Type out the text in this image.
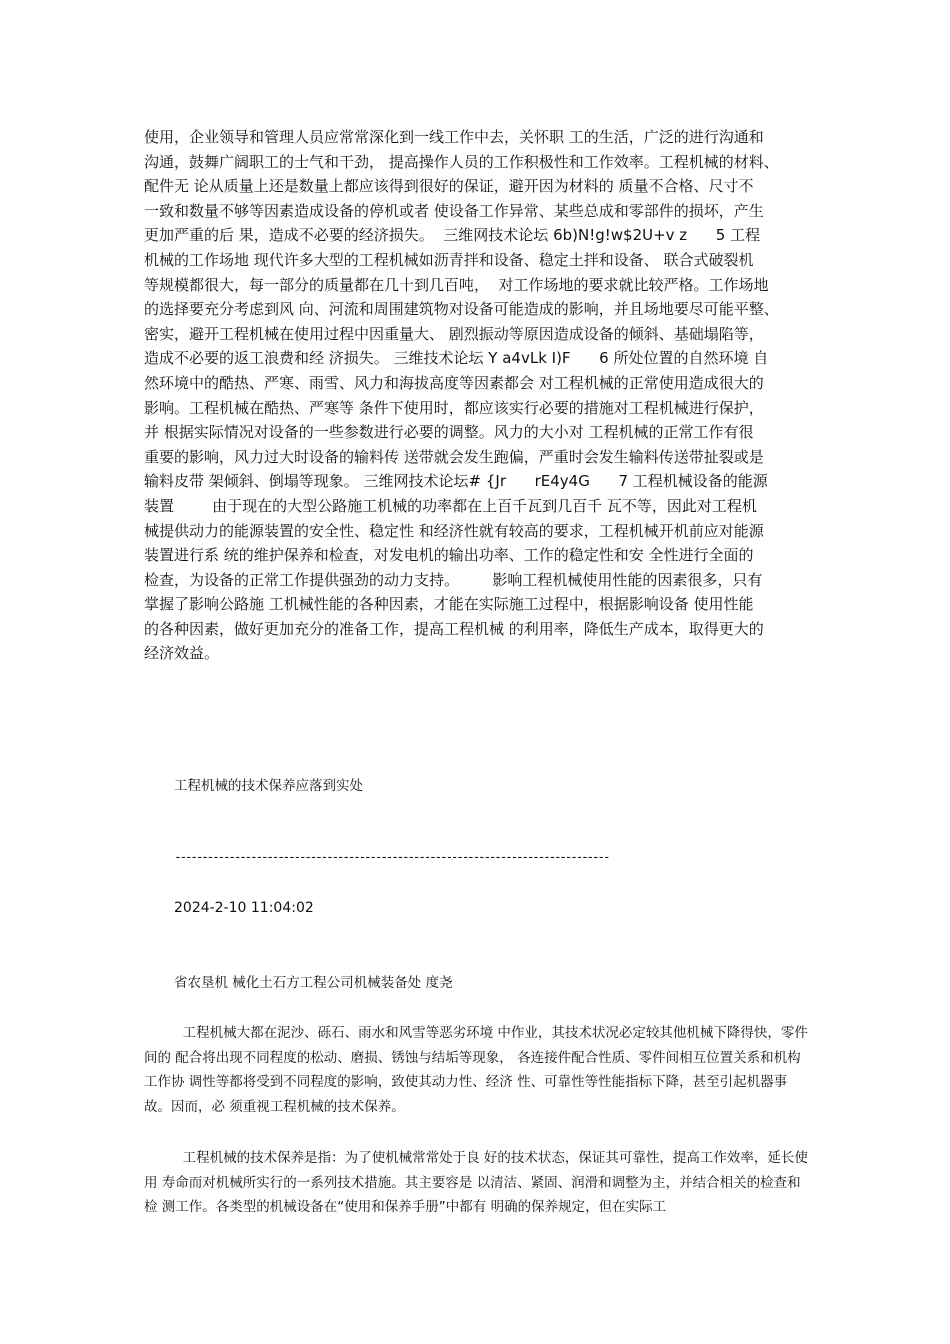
使用，企业领导和管理人员应常常深化到一线工作中去，关怀职 工的生活，广泛的进行沟通和

沟通，鼓舞广阔职工的士气和干劲， 提高操作人员的工作积极性和工作效率。工程机械的材料、

配件无 论从质量上还是数量上都应该得到很好的保证，避开因为材料的 质量不合格、尺寸不

一致和数量不够等因素造成设备的停机或者 使设备工作异常、某些总成和零部件的损坏，产生

更加严重的后 果，造成不必要的经济损失。  三维网技术论坛 6b)N!g!w$2U+v z      5 工程

机械的工作场地 现代许多大型的工程机械如沥青拌和设备、稳定土拌和设备、 联合式破裂机

等规模都很大，每一部分的质量都在几十到几百吨，  对工作场地的要求就比较严格。工作场地

的选择要充分考虑到风 向、河流和周围建筑物对设备可能造成的影响，并且场地要尽可能平整、

密实，避开工程机械在使用过程中因重量大、 剧烈振动等原因造成设备的倾斜、基础塌陷等，

造成不必要的返工浪费和经 济损失。 三维技术论坛 Y a4vLk I)F      6 所处位置的自然环境 自

然环境中的酷热、严寒、雨雪、风力和海拔高度等因素都会 对工程机械的正常使用造成很大的

影响。工程机械在酷热、严寒等 条件下使用时，都应该实行必要的措施对工程机械进行保护，

并 根据实际情况对设备的一些参数进行必要的调整。风力的大小对 工程机械的正常工作有很

重要的影响，风力过大时设备的输料传 送带就会发生跑偏，严重时会发生输料传送带扯裂或是

输料皮带 架倾斜、倒塌等现象。 三维网技术论坛# {Jr      rE4y4G      7 工程机械设备的能源

装置        由于现在的大型公路施工机械的功率都在上百千瓦到几百千 瓦不等，因此对工程机

械提供动力的能源装置的安全性、稳定性 和经济性就有较高的要求，工程机械开机前应对能源

装置进行系 统的维护保养和检查，对发电机的输出功率、工作的稳定性和安 全性进行全面的

检查，为设备的正常工作提供强劲的动力支持。       影响工程机械使用性能的因素很多，只有

掌握了影响公路施 工机械性能的各种因素，才能在实际施工过程中，根据影响设备 使用性能

的各种因素，做好更加充分的准备工作，提高工程机械 的利用率，降低生产成本，取得更大的

经济效益。

工程机械的技术保养应落到实处
--------------------------------------------------------------------------------
2024-2-10 11:04:02
省农垦机 械化土石方工程公司机械装备处 度尧

工程机械大都在泥沙、砾石、雨水和风雪等恶劣环境 中作业，其技术状况必定较其他机械下降得快，零件间的 配合将出现不同程度的松动、磨损、锈蚀与结垢等现象， 各连接件配合性质、零件间相互位置关系和机构工作协 调性等都将受到不同程度的影响，致使其动力性、经济 性、可靠性等性能指标下降，甚至引起机器事故。因而，必 须重视工程机械的技术保养。

工程机械的技术保养是指：为了使机械常常处于良 好的技术状态，保证其可靠性，提高工作效率，延长使用 寿命而对机械所实行的一系列技术措施。其主要容是 以清洁、紧固、润滑和调整为主，并结合相关的检查和检 测工作。各类型的机械设备在“使用和保养手册”中都有 明确的保养规定，但在实际工
